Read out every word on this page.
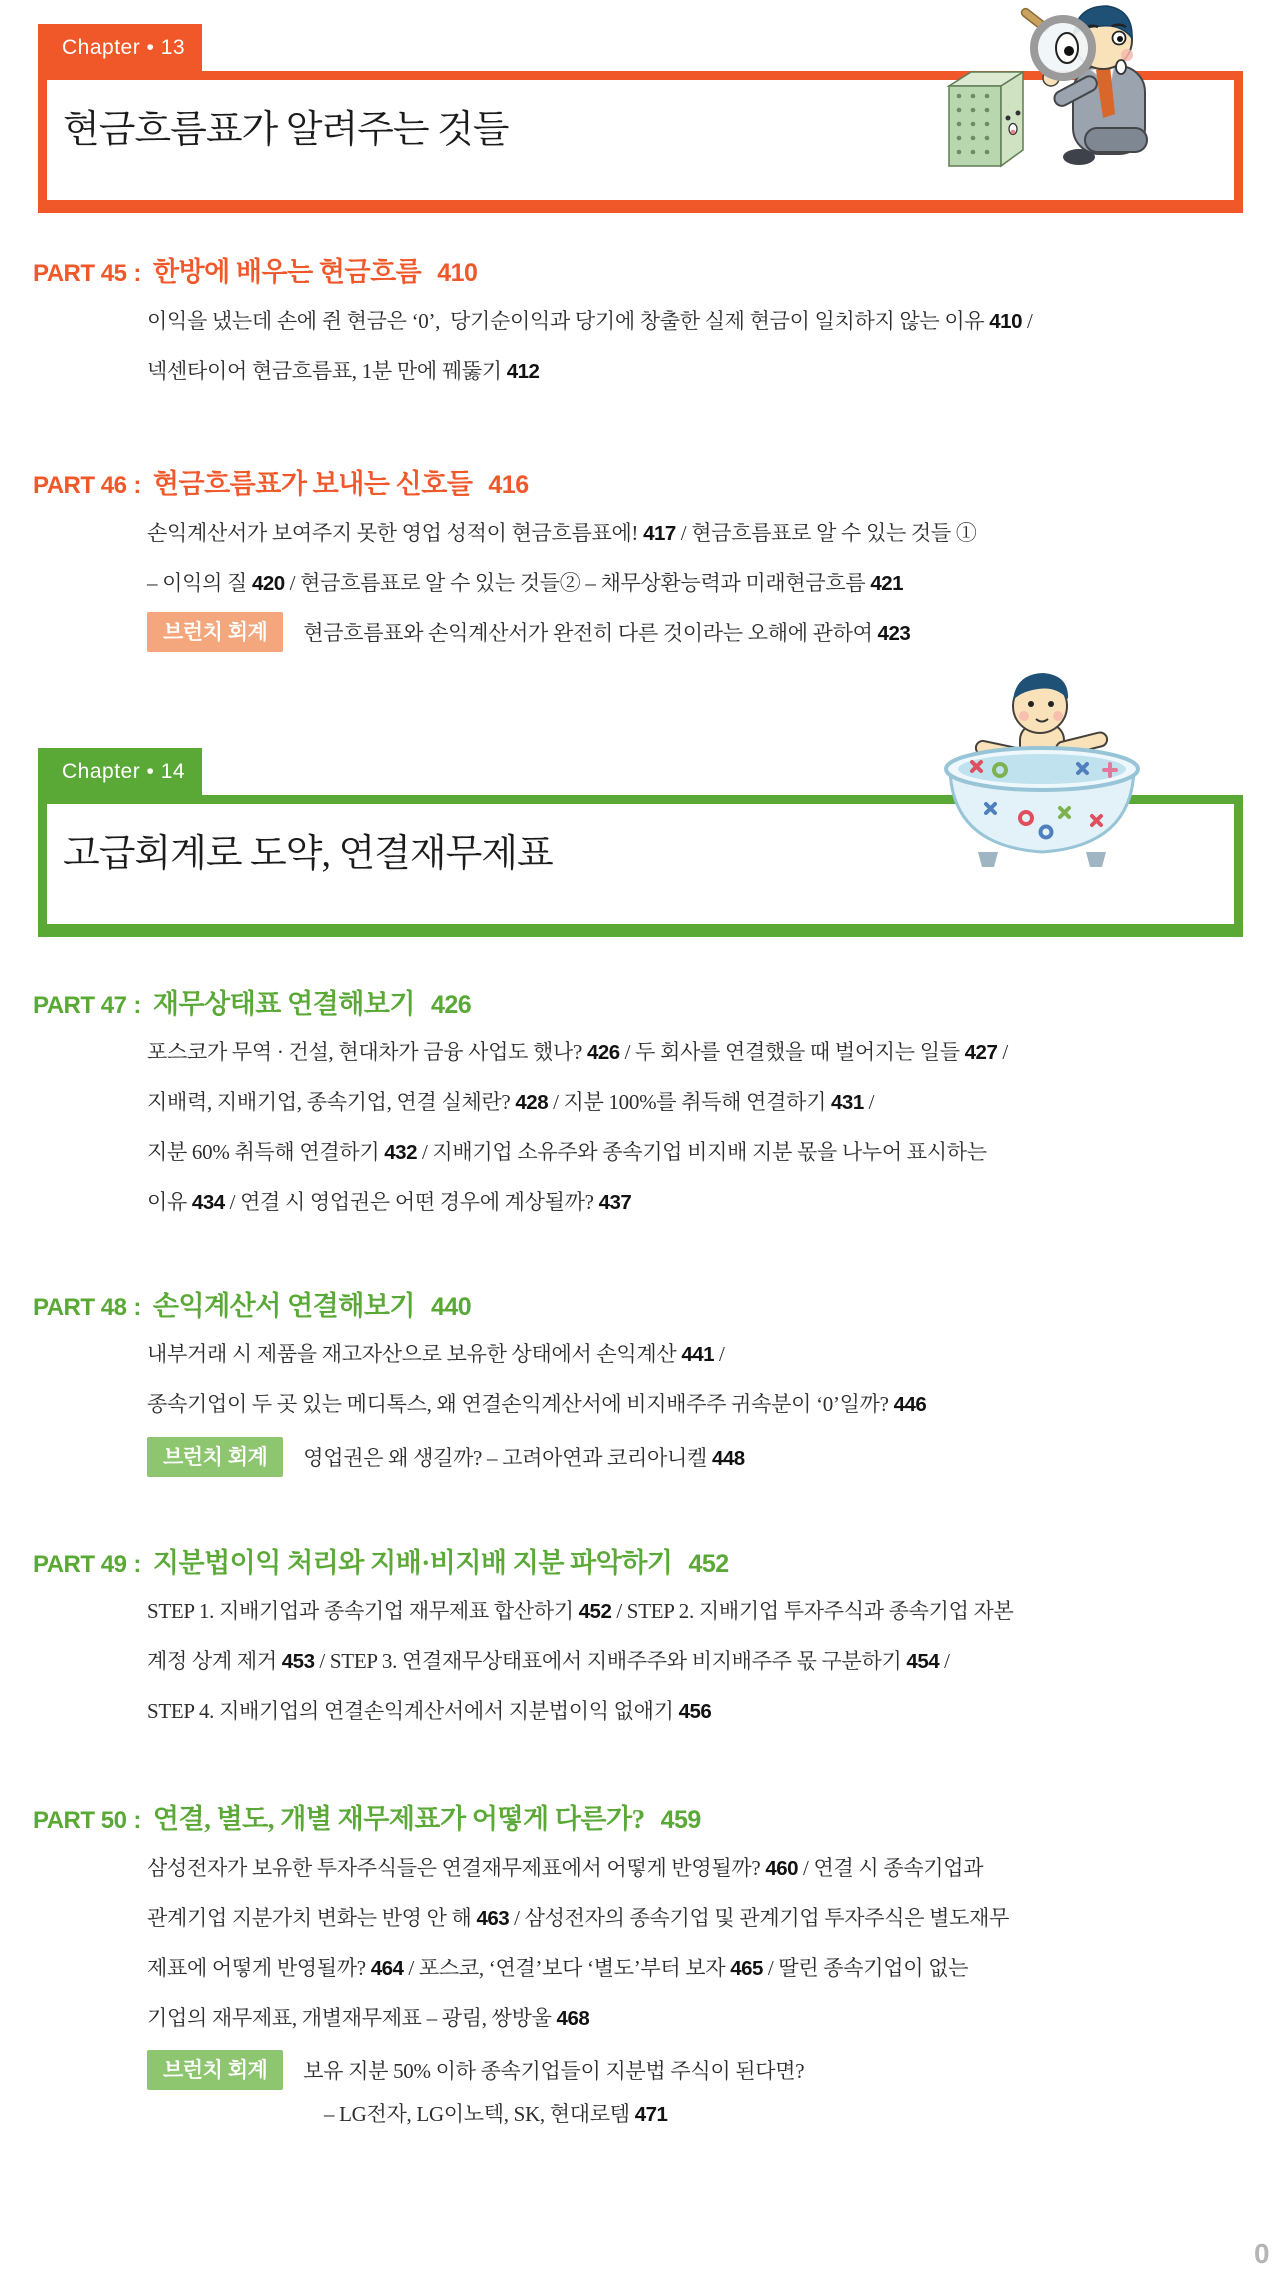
Chapter • 13
현금흐름표가 알려주는 것들
PART 45 : 한방에 배우는 현금흐름 410

이익을 냈는데 손에 쥔 현금은 ‘0’,  당기순이익과 당기에 창출한 실제 현금이 일치하지 않는 이유 410 /

넥센타이어 현금흐름표, 1분 만에 꿰뚫기 412

PART 46 : 현금흐름표가 보내는 신호들 416

손익계산서가 보여주지 못한 영업 성적이 현금흐름표에! 417 / 현금흐름표로 알 수 있는 것들 ①

– 이익의 질 420 / 현금흐름표로 알 수 있는 것들② – 채무상환능력과 미래현금흐름 421

브런치 회계	현금흐름표와 손익계산서가 완전히 다른 것이라는 오해에 관하여 423

Chapter • 14
고급회계로 도약, 연결재무제표
PART 47 : 재무상태표 연결해보기 426

포스코가 무역 · 건설, 현대차가 금융 사업도 했나? 426 / 두 회사를 연결했을 때 벌어지는 일들 427 /

지배력, 지배기업, 종속기업, 연결 실체란? 428 / 지분 100%를 취득해 연결하기 431 /

지분 60% 취득해 연결하기 432 / 지배기업 소유주와 종속기업 비지배 지분 몫을 나누어 표시하는

이유 434 / 연결 시 영업권은 어떤 경우에 계상될까? 437

PART 48 : 손익계산서 연결해보기 440

내부거래 시 제품을 재고자산으로 보유한 상태에서 손익계산 441 /

종속기업이 두 곳 있는 메디톡스, 왜 연결손익계산서에 비지배주주 귀속분이 ‘0’일까? 446

브런치 회계	영업권은 왜 생길까? – 고려아연과 코리아니켈 448

PART 49 : 지분법이익 처리와 지배·비지배 지분 파악하기 452

STEP 1. 지배기업과 종속기업 재무제표 합산하기 452 / STEP 2. 지배기업 투자주식과 종속기업 자본

계정 상계 제거 453 / STEP 3. 연결재무상태표에서 지배주주와 비지배주주 몫 구분하기 454 /

STEP 4. 지배기업의 연결손익계산서에서 지분법이익 없애기 456

PART 50 : 연결, 별도, 개별 재무제표가 어떻게 다른가? 459

삼성전자가 보유한 투자주식들은 연결재무제표에서 어떻게 반영될까? 460 / 연결 시 종속기업과

관계기업 지분가치 변화는 반영 안 해 463 / 삼성전자의 종속기업 및 관계기업 투자주식은 별도재무

제표에 어떻게 반영될까? 464 / 포스코, ‘연결’보다 ‘별도’부터 보자 465 / 딸린 종속기업이 없는

기업의 재무제표, 개별재무제표 – 광림, 쌍방울 468

브런치 회계	보유 지분 50% 이하 종속기업들이 지분법 주식이 된다면?

– LG전자, LG이노텍, SK, 현대로템 471

0
